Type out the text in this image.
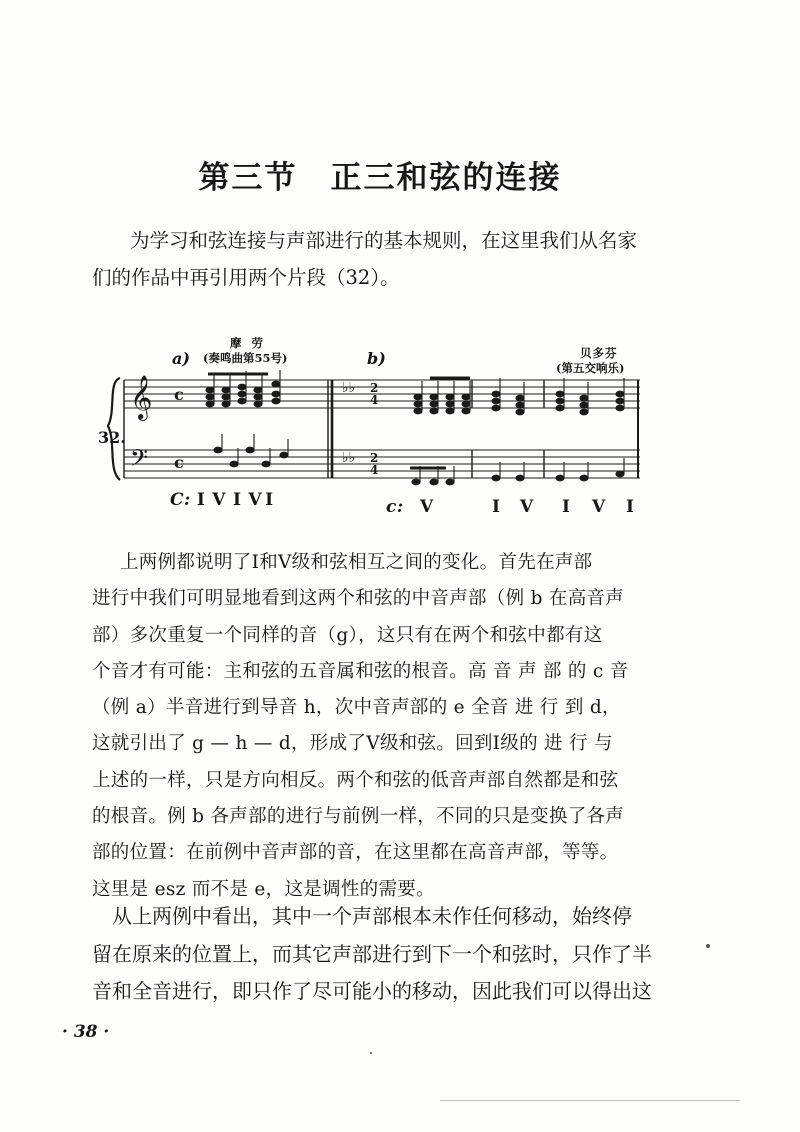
第三节　正三和弦的连接
为学习和弦连接与声部进行的基本规则，在这里我们从名家
们的作品中再引用两个片段（32）。
摩 劳
a) (奏鸣曲第55号)	b)	贝多芬
(第五交响乐)
32.
𝄞
𝄢
c
c
♭♭
♭♭
2
4
2
4
C: I V I V I	c: V	I V I V I
上两例都说明了Ⅰ和Ⅴ级和弦相互之间的变化。首先在声部
进行中我们可明显地看到这两个和弦的中音声部（例 b 在高音声
部）多次重复一个同样的音（g），这只有在两个和弦中都有这
个音才有可能：主和弦的五音属和弦的根音。高 音 声 部 的 c 音
（例 a）半音进行到导音 h，次中音声部的 e 全音 进 行 到 d，
这就引出了 g — h — d，形成了Ⅴ级和弦。回到Ⅰ级的 进 行 与
上述的一样，只是方向相反。两个和弦的低音声部自然都是和弦
的根音。例 b 各声部的进行与前例一样，不同的只是变换了各声
部的位置：在前例中音声部的音，在这里都在高音声部，等等。
这里是 esz 而不是 e，这是调性的需要。
　从上两例中看出，其中一个声部根本未作任何移动，始终停
留在原来的位置上，而其它声部进行到下一个和弦时，只作了半
音和全音进行，即只作了尽可能小的移动，因此我们可以得出这
· 38 ·
